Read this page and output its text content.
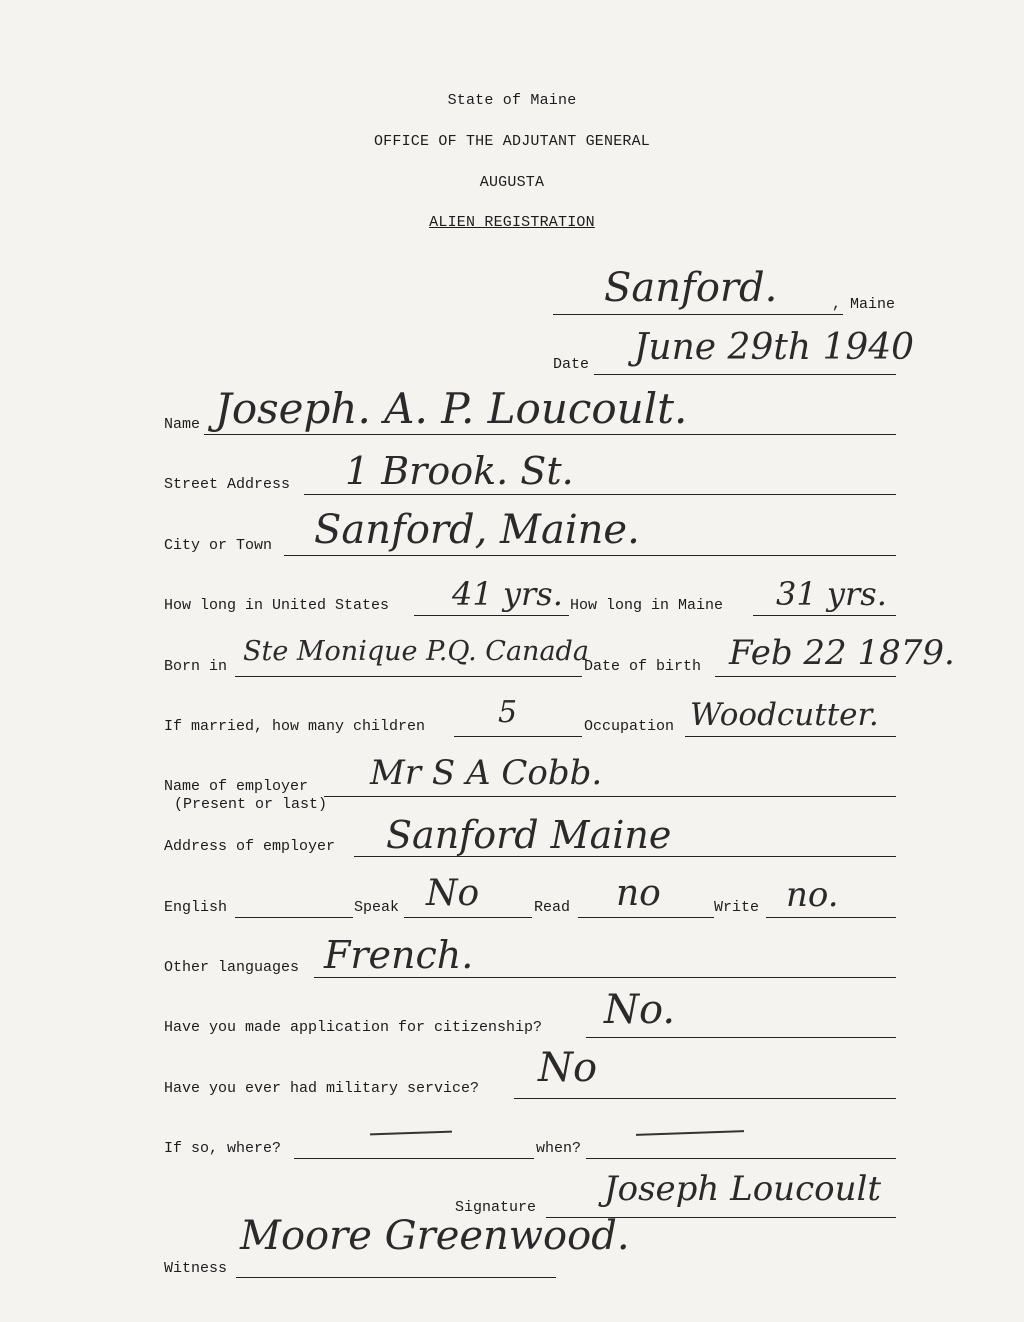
State of Maine
OFFICE OF THE ADJUTANT GENERAL
AUGUSTA
ALIEN REGISTRATION
Sanford.	, Maine
Date June 29th 1940
Name Joseph. A. P. Loucoult.
Street Address 1 Brook. St.
City or Town Sanford, Maine.
How long in United States 41 yrs. How long in Maine 31 yrs.
Born in Ste Monique P.Q. Canada
Date of birth Feb 22 1879.
If married, how many children 5	Occupation Woodcutter.
Name of employer
(Present or last)
Mr S A Cobb.
Address of employer Sanford Maine
English	Speak No	Read no	Write no.
Other languages French.
Have you made application for citizenship? No.
Have you ever had military service? No
If so, where?	when?
Signature Joseph Loucoult
Witness
Moore Greenwood.
